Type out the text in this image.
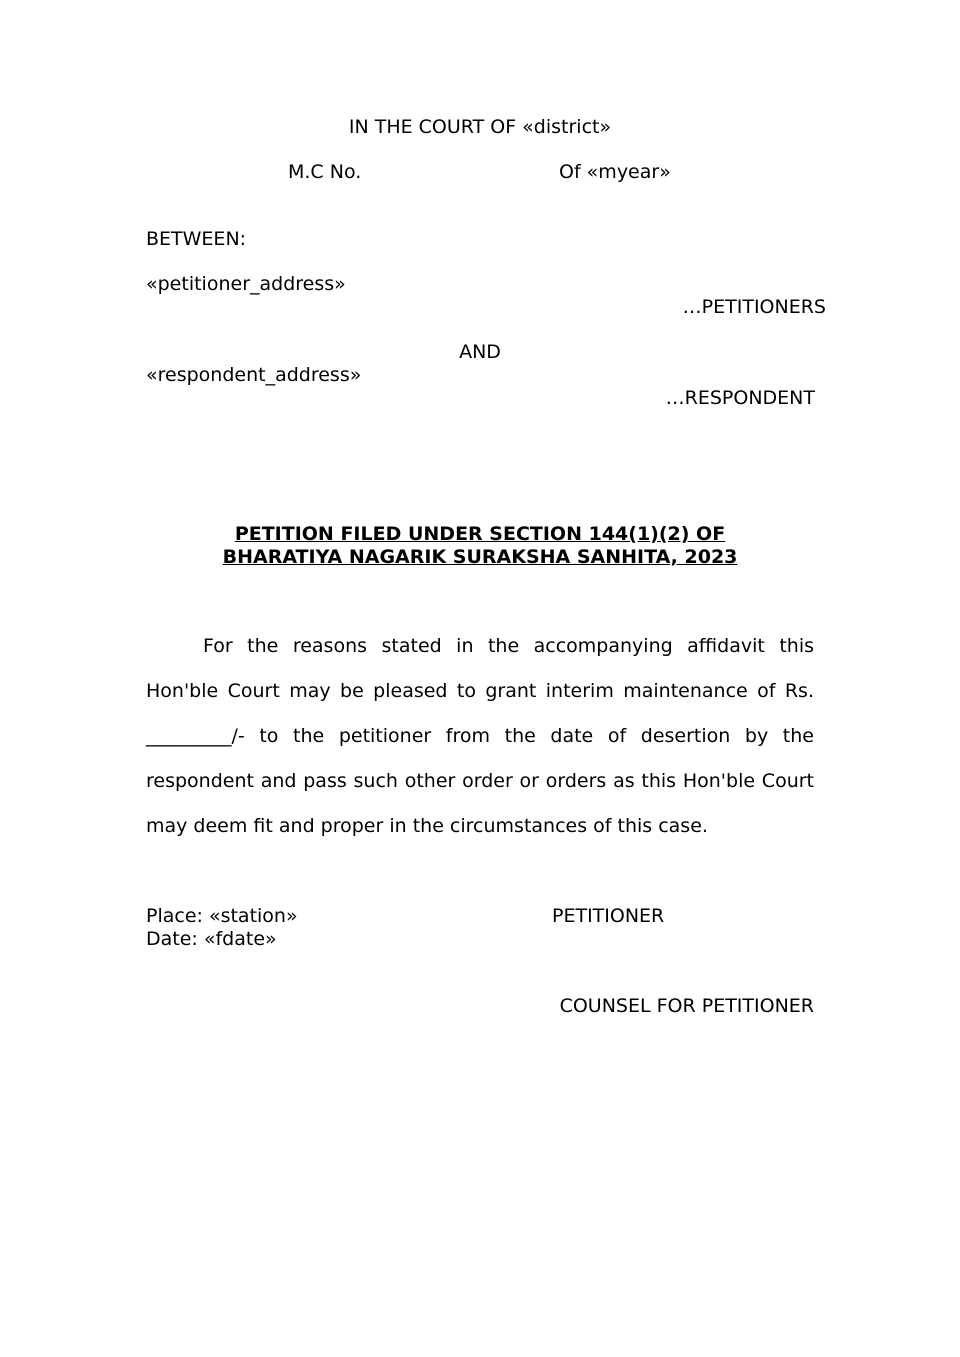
IN THE COURT OF «district»
M.C No.	Of «myear»
BETWEEN:
«petitioner_address»
…PETITIONERS
AND
«respondent_address»
…RESPONDENT
PETITION FILED UNDER SECTION 144(1)(2) OF
BHARATIYA NAGARIK SURAKSHA SANHITA, 2023

For the reasons stated in the accompanying affidavit this Hon'ble Court may be pleased to grant interim maintenance of Rs. _________/- to the petitioner from the date of desertion by the respondent and pass such other order or orders as this Hon'ble Court may deem fit and proper in the circumstances of this case.

Place: «station»
Date: «fdate»
PETITIONER
COUNSEL FOR PETITIONER
